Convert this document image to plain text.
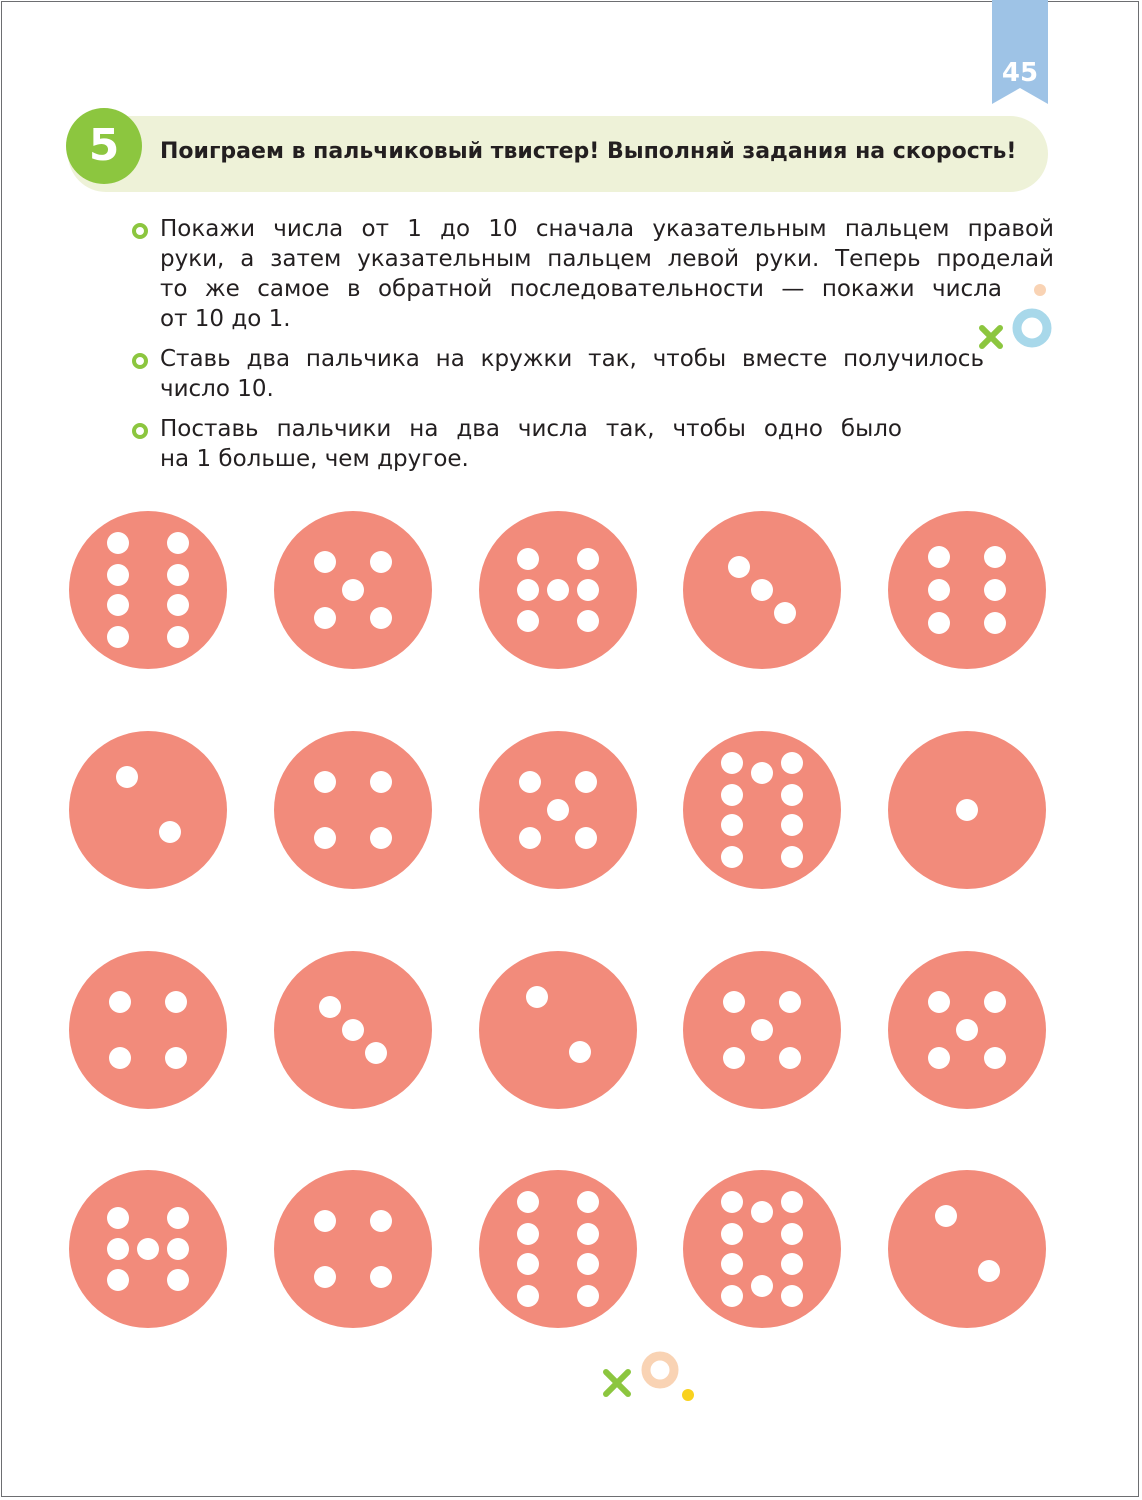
45
5	Поиграем в пальчиковый твистер! Выполняй задания на скорость!
Покажи числа от 1 до 10 сначала указательным пальцем правой
руки, а затем указательным пальцем левой руки. Теперь проделай
то же самое в обратной последовательности — покажи числа
от 10 до 1.
Ставь два пальчика на кружки так, чтобы вместе получилось
число 10.
Поставь пальчики на два числа так, чтобы одно было
на 1 больше, чем другое.
